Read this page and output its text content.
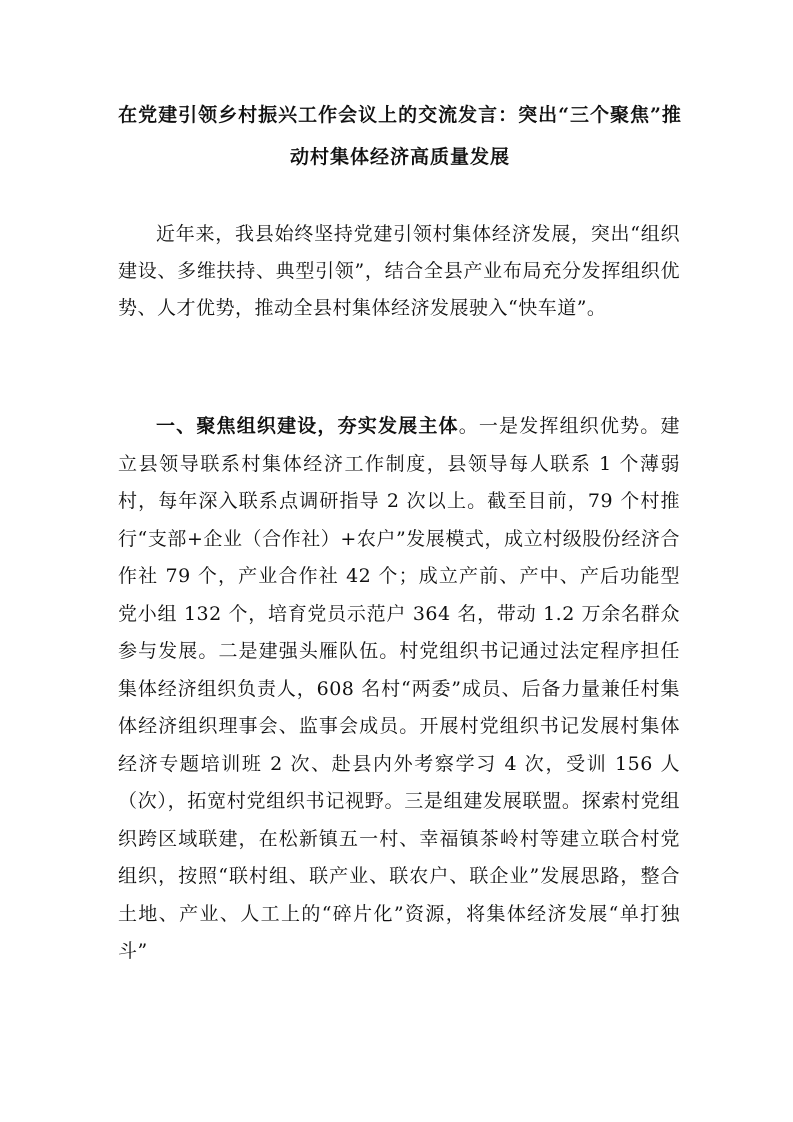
在党建引领乡村振兴工作会议上的交流发言：突出“三个聚焦”推动村集体经济高质量发展

近年来，我县始终坚持党建引领村集体经济发展，突出“组织建设、多维扶持、典型引领”，结合全县产业布局充分发挥组织优势、人才优势，推动全县村集体经济发展驶入“快车道”。

一、聚焦组织建设，夯实发展主体。一是发挥组织优势。建立县领导联系村集体经济工作制度，县领导每人联系 1 个薄弱村，每年深入联系点调研指导 2 次以上。截至目前，79 个村推行“支部+企业（合作社）+农户”发展模式，成立村级股份经济合作社 79 个，产业合作社 42 个；成立产前、产中、产后功能型党小组 132 个，培育党员示范户 364 名，带动 1.2 万余名群众参与发展。二是建强头雁队伍。村党组织书记通过法定程序担任集体经济组织负责人，608 名村“两委”成员、后备力量兼任村集体经济组织理事会、监事会成员。开展村党组织书记发展村集体经济专题培训班 2 次、赴县内外考察学习 4 次，受训 156 人（次），拓宽村党组织书记视野。三是组建发展联盟。探索村党组织跨区域联建，在松新镇五一村、幸福镇茶岭村等建立联合村党组织，按照“联村组、联产业、联农户、联企业”发展思路，整合土地、产业、人工上的“碎片化”资源，将集体经济发展“单打独斗”
